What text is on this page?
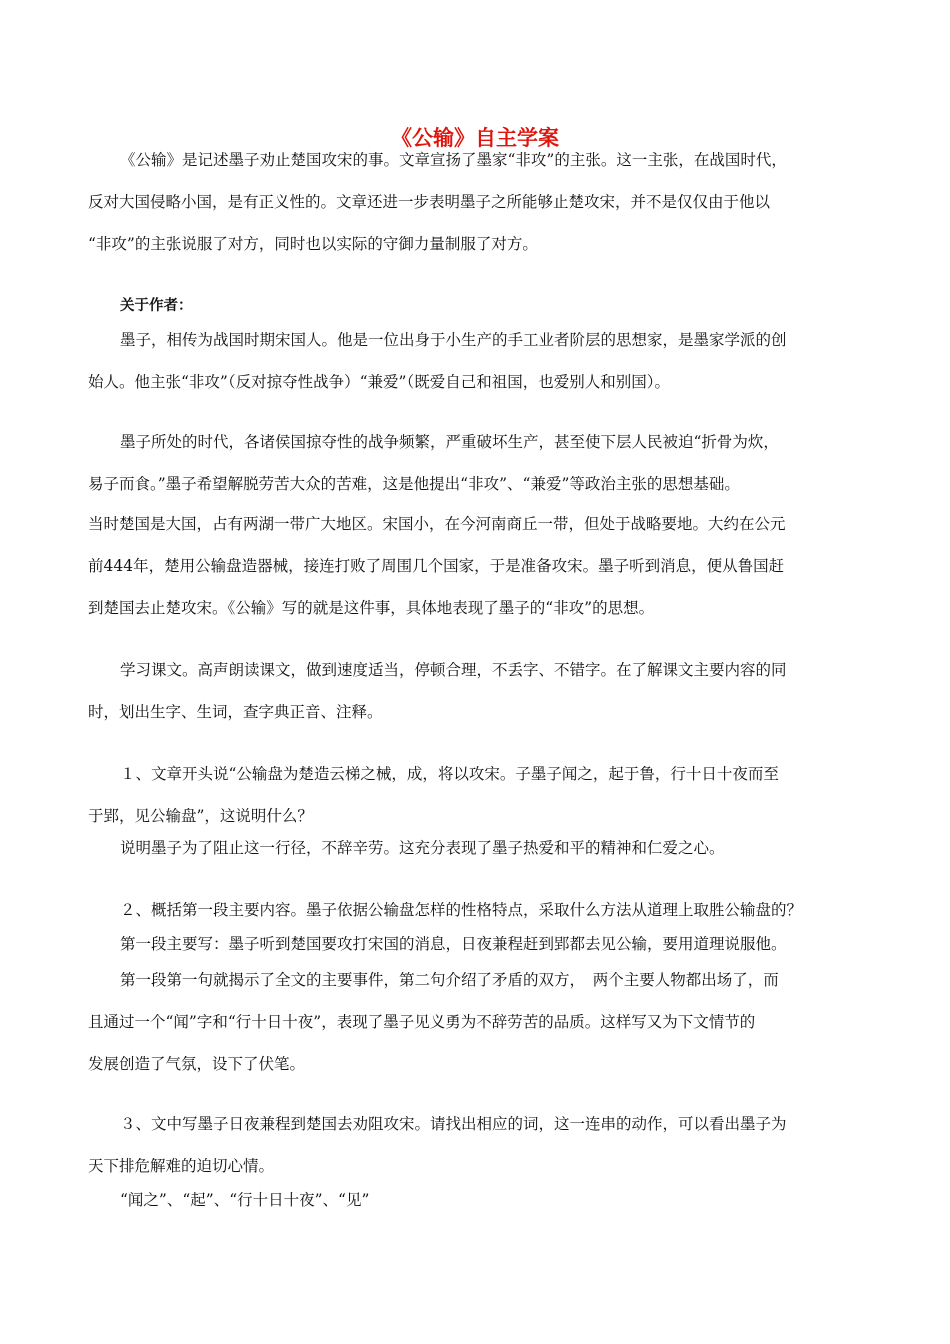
《公输》自主学案
《公输》是记述墨子劝止楚国攻宋的事。文章宣扬了墨家“非攻”的主张。这一主张，在战国时代，
反对大国侵略小国，是有正义性的。文章还进一步表明墨子之所能够止楚攻宋，并不是仅仅由于他以
“非攻”的主张说服了对方，同时也以实际的守御力量制服了对方。
关于作者：
墨子，相传为战国时期宋国人。他是一位出身于小生产的手工业者阶层的思想家，是墨家学派的创
始人。他主张“非攻”（反对掠夺性战争）“兼爱”（既爱自己和祖国，也爱别人和别国）。
墨子所处的时代，各诸侯国掠夺性的战争频繁，严重破坏生产，甚至使下层人民被迫“折骨为炊，
易子而食。”墨子希望解脱劳苦大众的苦难，这是他提出“非攻”、“兼爱”等政治主张的思想基础。
当时楚国是大国，占有两湖一带广大地区。宋国小，在今河南商丘一带，但处于战略要地。大约在公元
前444年，楚用公输盘造器械，接连打败了周围几个国家，于是准备攻宋。墨子听到消息，便从鲁国赶
到楚国去止楚攻宋。《公输》写的就是这件事，具体地表现了墨子的“非攻”的思想。
学习课文。高声朗读课文，做到速度适当，停顿合理，不丢字、不错字。在了解课文主要内容的同
时，划出生字、生词，查字典正音、注释。
１、文章开头说“公输盘为楚造云梯之械，成，将以攻宋。子墨子闻之，起于鲁，行十日十夜而至
于郢，见公输盘”，这说明什么？
说明墨子为了阻止这一行径，不辞辛劳。这充分表现了墨子热爱和平的精神和仁爱之心。
２、概括第一段主要内容。墨子依据公输盘怎样的性格特点，采取什么方法从道理上取胜公输盘的？
第一段主要写：墨子听到楚国要攻打宋国的消息，日夜兼程赶到郢都去见公输，要用道理说服他。
第一段第一句就揭示了全文的主要事件，第二句介绍了矛盾的双方，　两个主要人物都出场了，而
且通过一个“闻”字和“行十日十夜”，表现了墨子见义勇为不辞劳苦的品质。这样写又为下文情节的
发展创造了气氛，设下了伏笔。
３、文中写墨子日夜兼程到楚国去劝阻攻宋。请找出相应的词，这一连串的动作，可以看出墨子为
天下排危解难的迫切心情。
“闻之”、“起”、“行十日十夜”、“见”
